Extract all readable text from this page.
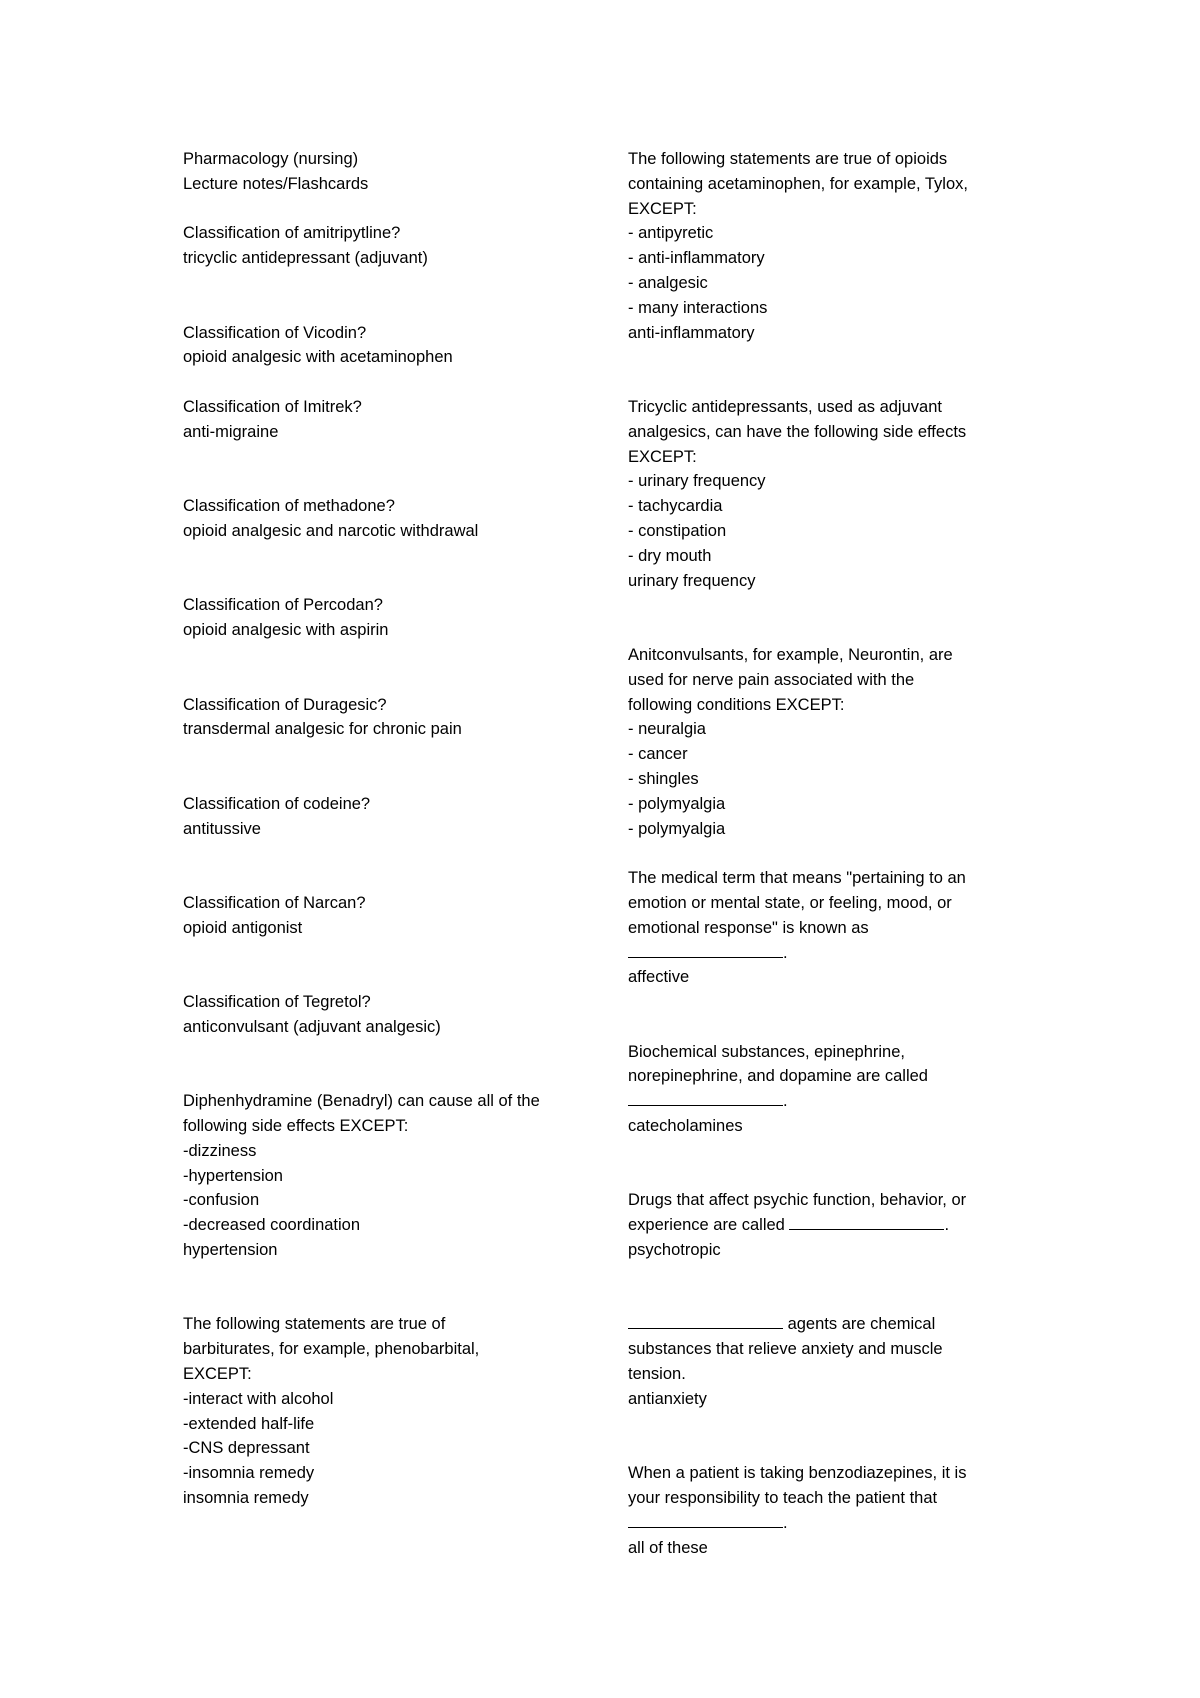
Pharmacology (nursing)
Lecture notes/Flashcards
Classification of amitripytline?
tricyclic antidepressant (adjuvant)
Classification of Vicodin?
opioid analgesic with acetaminophen
Classification of Imitrek?
anti-migraine
Classification of methadone?
opioid analgesic and narcotic withdrawal
Classification of Percodan?
opioid analgesic with aspirin
Classification of Duragesic?
transdermal analgesic for chronic pain
Classification of codeine?
antitussive
Classification of Narcan?
opioid antigonist
Classification of Tegretol?
anticonvulsant (adjuvant analgesic)
Diphenhydramine (Benadryl) can cause all of the
following side effects EXCEPT:
-dizziness
-hypertension
-confusion
-decreased coordination
hypertension
The following statements are true of
barbiturates, for example, phenobarbital,
EXCEPT:
-interact with alcohol
-extended half-life
-CNS depressant
-insomnia remedy
insomnia remedy
The following statements are true of opioids
containing acetaminophen, for example, Tylox,
EXCEPT:
- antipyretic
- anti-inflammatory
- analgesic
- many interactions
anti-inflammatory
Tricyclic antidepressants, used as adjuvant
analgesics, can have the following side effects
EXCEPT:
- urinary frequency
- tachycardia
- constipation
- dry mouth
urinary frequency
Anitconvulsants, for example, Neurontin, are
used for nerve pain associated with the
following conditions EXCEPT:
- neuralgia
- cancer
- shingles
- polymyalgia
- polymyalgia
The medical term that means "pertaining to an
emotion or mental state, or feeling, mood, or
emotional response" is known as
.
affective
Biochemical substances, epinephrine,
norepinephrine, and dopamine are called
.
catecholamines
Drugs that affect psychic function, behavior, or
experience are called	.
psychotropic
agents are chemical
substances that relieve anxiety and muscle
tension.
antianxiety
When a patient is taking benzodiazepines, it is
your responsibility to teach the patient that
.
all of these
